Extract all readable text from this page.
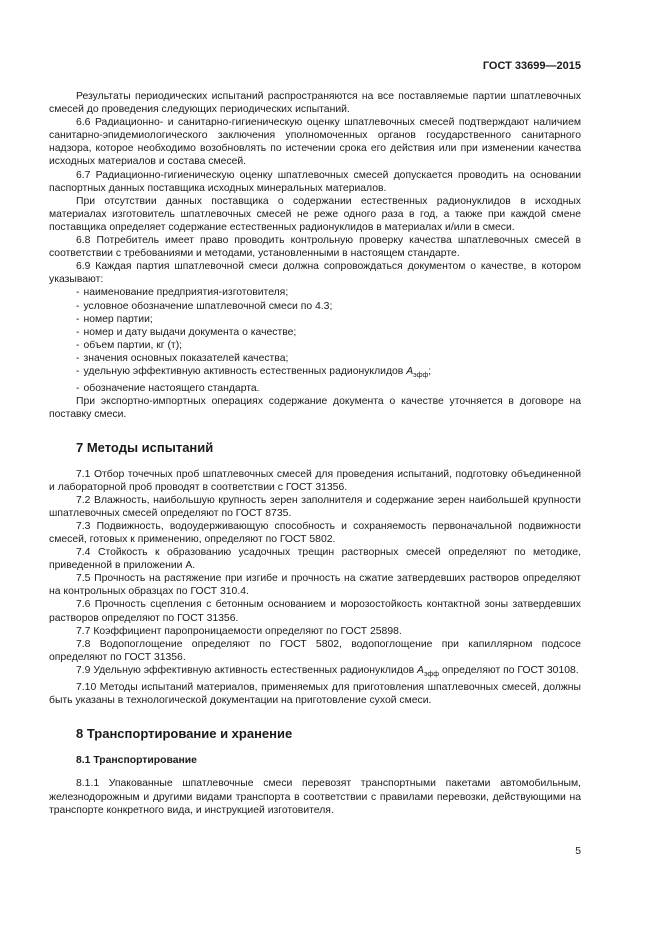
ГОСТ 33699—2015

Результаты периодических испытаний распространяются на все поставляемые партии шпатлевочных смесей до проведения следующих периодических испытаний.

6.6 Радиационно- и санитарно-гигиеническую оценку шпатлевочных смесей подтверждают наличием санитарно-эпидемиологического заключения уполномоченных органов государственного санитарного надзора, которое необходимо возобновлять по истечении срока его действия или при изменении качества исходных материалов и состава смесей.

6.7 Радиационно-гигиеническую оценку шпатлевочных смесей допускается проводить на основании паспортных данных поставщика исходных минеральных материалов.

При отсутствии данных поставщика о содержании естественных радионуклидов в исходных материалах изготовитель шпатлевочных смесей не реже одного раза в год, а также при каждой смене поставщика определяет содержание естественных радионуклидов в материалах и/или в смеси.

6.8 Потребитель имеет право проводить контрольную проверку качества шпатлевочных смесей в соответствии с требованиями и методами, установленными в настоящем стандарте.

6.9 Каждая партия шпатлевочной смеси должна сопровождаться документом о качестве, в котором указывают:

- наименование предприятия-изготовителя;
- условное обозначение шпатлевочной смеси по 4.3;
- номер партии;
- номер и дату выдачи документа о качестве;
- объем партии, кг (т);
- значения основных показателей качества;
- удельную эффективную активность естественных радионуклидов $A_{эфф}$;
- обозначение настоящего стандарта.

При экспортно-импортных операциях содержание документа о качестве уточняется в договоре на поставку смеси.

7 Методы испытаний

7.1 Отбор точечных проб шпатлевочных смесей для проведения испытаний, подготовку объединенной и лабораторной проб проводят в соответствии с ГОСТ 31356.

7.2 Влажность, наибольшую крупность зерен заполнителя и содержание зерен наибольшей крупности шпатлевочных смесей определяют по ГОСТ 8735.

7.3 Подвижность, водоудерживающую способность и сохраняемость первоначальной подвижности смесей, готовых к применению, определяют по ГОСТ 5802.

7.4 Стойкость к образованию усадочных трещин растворных смесей определяют по методике, приведенной в приложении А.

7.5 Прочность на растяжение при изгибе и прочность на сжатие затвердевших растворов определяют на контрольных образцах по ГОСТ 310.4.

7.6 Прочность сцепления с бетонным основанием и морозостойкость контактной зоны затвердевших растворов определяют по ГОСТ 31356.

7.7 Коэффициент паропроницаемости определяют по ГОСТ 25898.

7.8 Водопоглощение определяют по ГОСТ 5802, водопоглощение при капиллярном подсосе определяют по ГОСТ 31356.

7.9 Удельную эффективную активность естественных радионуклидов $A_{эфф}$ определяют по ГОСТ 30108.

7.10 Методы испытаний материалов, применяемых для приготовления шпатлевочных смесей, должны быть указаны в технологической документации на приготовление сухой смеси.

8 Транспортирование и хранение
8.1 Транспортирование

8.1.1 Упакованные шпатлевочные смеси перевозят транспортными пакетами автомобильным, железнодорожным и другими видами транспорта в соответствии с правилами перевозки, действующими на транспорте конкретного вида, и инструкцией изготовителя.

5
